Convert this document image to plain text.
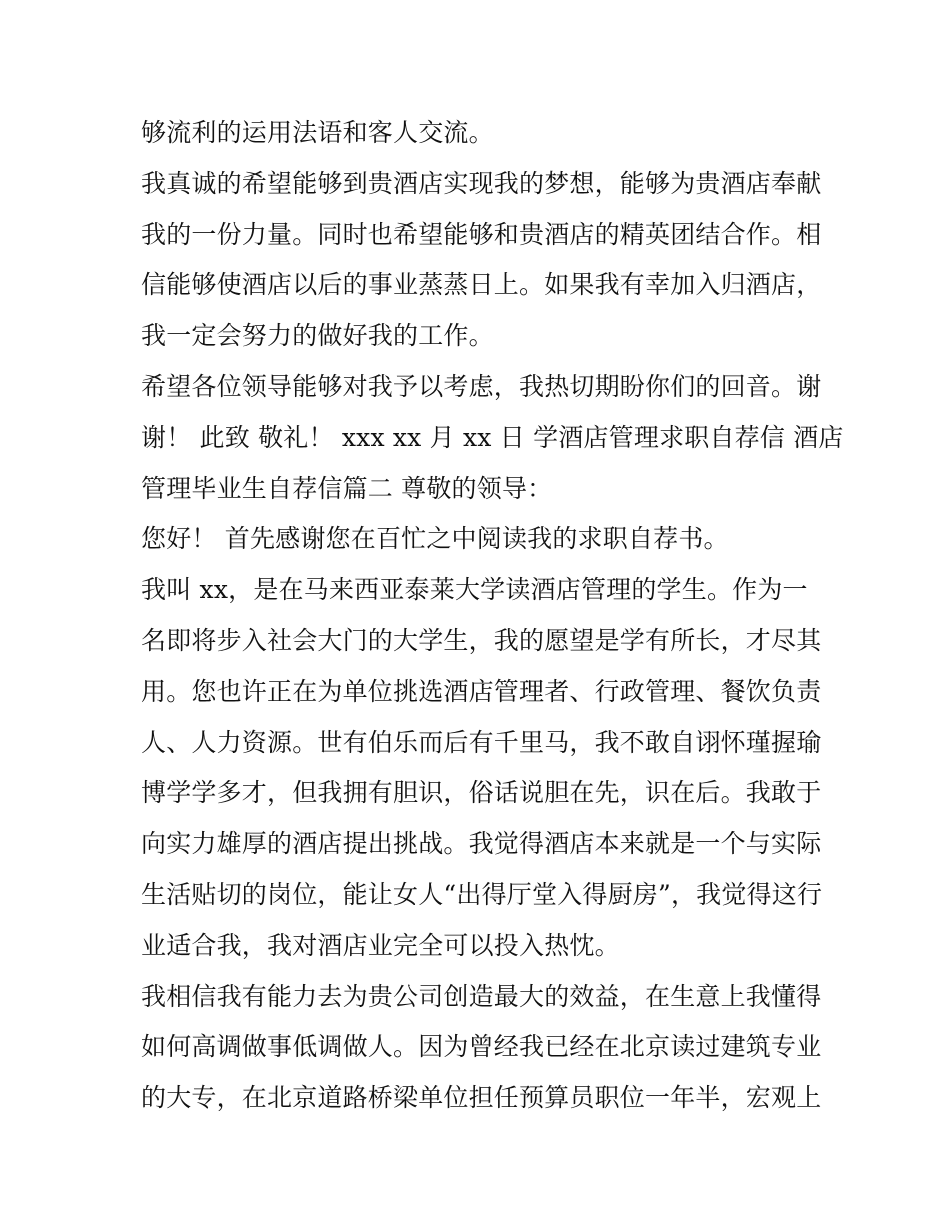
够流利的运用法语和客人交流。
我真诚的希望能够到贵酒店实现我的梦想，能够为贵酒店奉献
我的一份力量。同时也希望能够和贵酒店的精英团结合作。相
信能够使酒店以后的事业蒸蒸日上。如果我有幸加入归酒店，
我一定会努力的做好我的工作。
希望各位领导能够对我予以考虑，我热切期盼你们的回音。谢
谢！ 此致 敬礼！ xxx xx 月 xx 日 学酒店管理求职自荐信 酒店
管理毕业生自荐信篇二 尊敬的领导：
您好！ 首先感谢您在百忙之中阅读我的求职自荐书。
我叫 xx，是在马来西亚泰莱大学读酒店管理的学生。作为一
名即将步入社会大门的大学生，我的愿望是学有所长，才尽其
用。您也许正在为单位挑选酒店管理者、行政管理、餐饮负责
人、人力资源。世有伯乐而后有千里马，我不敢自诩怀瑾握瑜
博学学多才，但我拥有胆识，俗话说胆在先，识在后。我敢于
向实力雄厚的酒店提出挑战。我觉得酒店本来就是一个与实际
生活贴切的岗位，能让女人“出得厅堂入得厨房”，我觉得这行
业适合我，我对酒店业完全可以投入热忱。
我相信我有能力去为贵公司创造最大的效益，在生意上我懂得
如何高调做事低调做人。因为曾经我已经在北京读过建筑专业
的大专，在北京道路桥梁单位担任预算员职位一年半，宏观上
